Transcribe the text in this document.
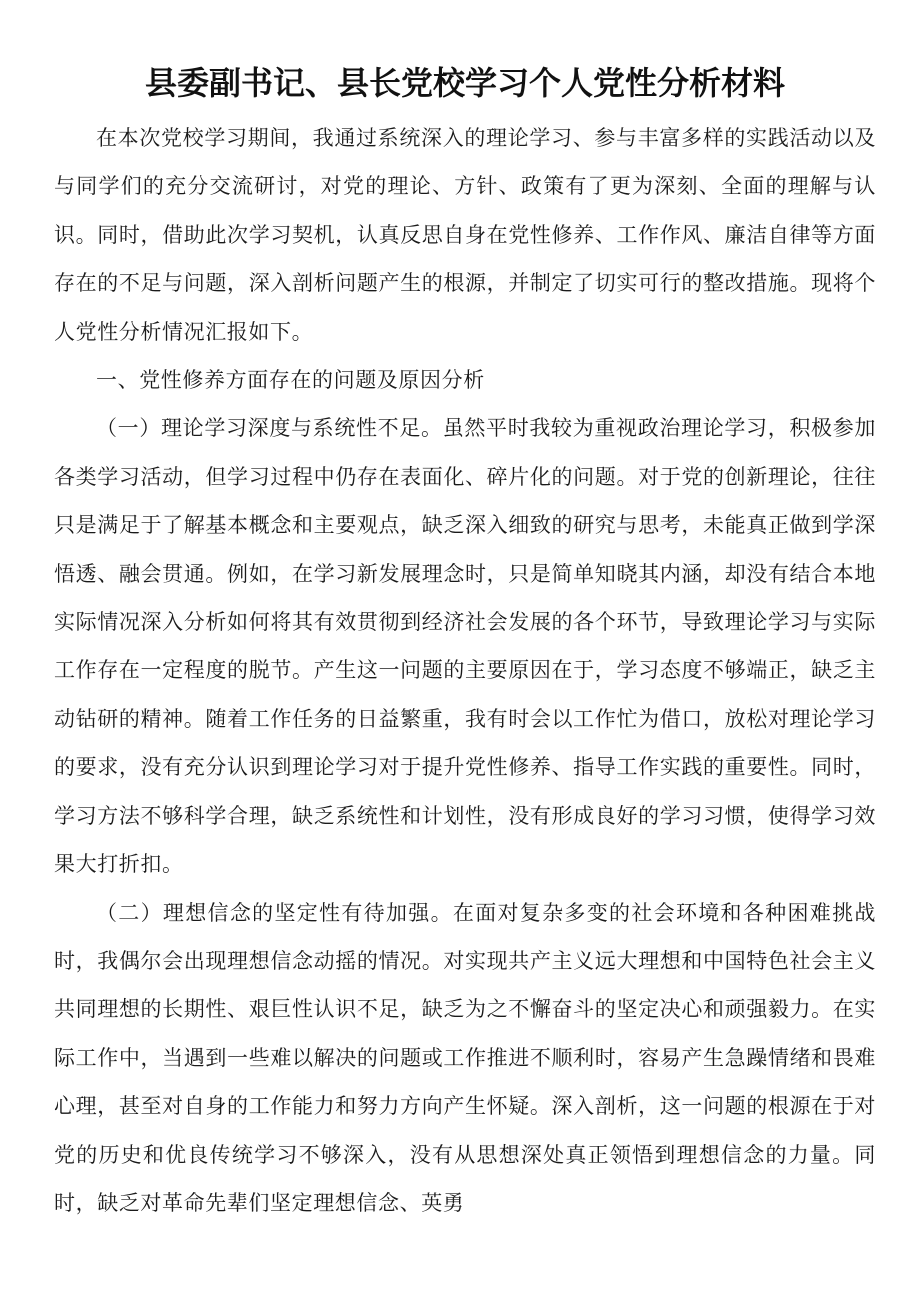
县委副书记、县长党校学习个人党性分析材料

在本次党校学习期间，我通过系统深入的理论学习、参与丰富多样的实践活动以及与同学们的充分交流研讨，对党的理论、方针、政策有了更为深刻、全面的理解与认识。同时，借助此次学习契机，认真反思自身在党性修养、工作作风、廉洁自律等方面存在的不足与问题，深入剖析问题产生的根源，并制定了切实可行的整改措施。现将个人党性分析情况汇报如下。

一、党性修养方面存在的问题及原因分析

（一）理论学习深度与系统性不足。虽然平时我较为重视政治理论学习，积极参加各类学习活动，但学习过程中仍存在表面化、碎片化的问题。对于党的创新理论，往往只是满足于了解基本概念和主要观点，缺乏深入细致的研究与思考，未能真正做到学深悟透、融会贯通。例如，在学习新发展理念时，只是简单知晓其内涵，却没有结合本地实际情况深入分析如何将其有效贯彻到经济社会发展的各个环节，导致理论学习与实际工作存在一定程度的脱节。产生这一问题的主要原因在于，学习态度不够端正，缺乏主动钻研的精神。随着工作任务的日益繁重，我有时会以工作忙为借口，放松对理论学习的要求，没有充分认识到理论学习对于提升党性修养、指导工作实践的重要性。同时，学习方法不够科学合理，缺乏系统性和计划性，没有形成良好的学习习惯，使得学习效果大打折扣。

（二）理想信念的坚定性有待加强。在面对复杂多变的社会环境和各种困难挑战时，我偶尔会出现理想信念动摇的情况。对实现共产主义远大理想和中国特色社会主义共同理想的长期性、艰巨性认识不足，缺乏为之不懈奋斗的坚定决心和顽强毅力。在实际工作中，当遇到一些难以解决的问题或工作推进不顺利时，容易产生急躁情绪和畏难心理，甚至对自身的工作能力和努力方向产生怀疑。深入剖析，这一问题的根源在于对党的历史和优良传统学习不够深入，没有从思想深处真正领悟到理想信念的力量。同时，缺乏对革命先辈们坚定理想信念、英勇
